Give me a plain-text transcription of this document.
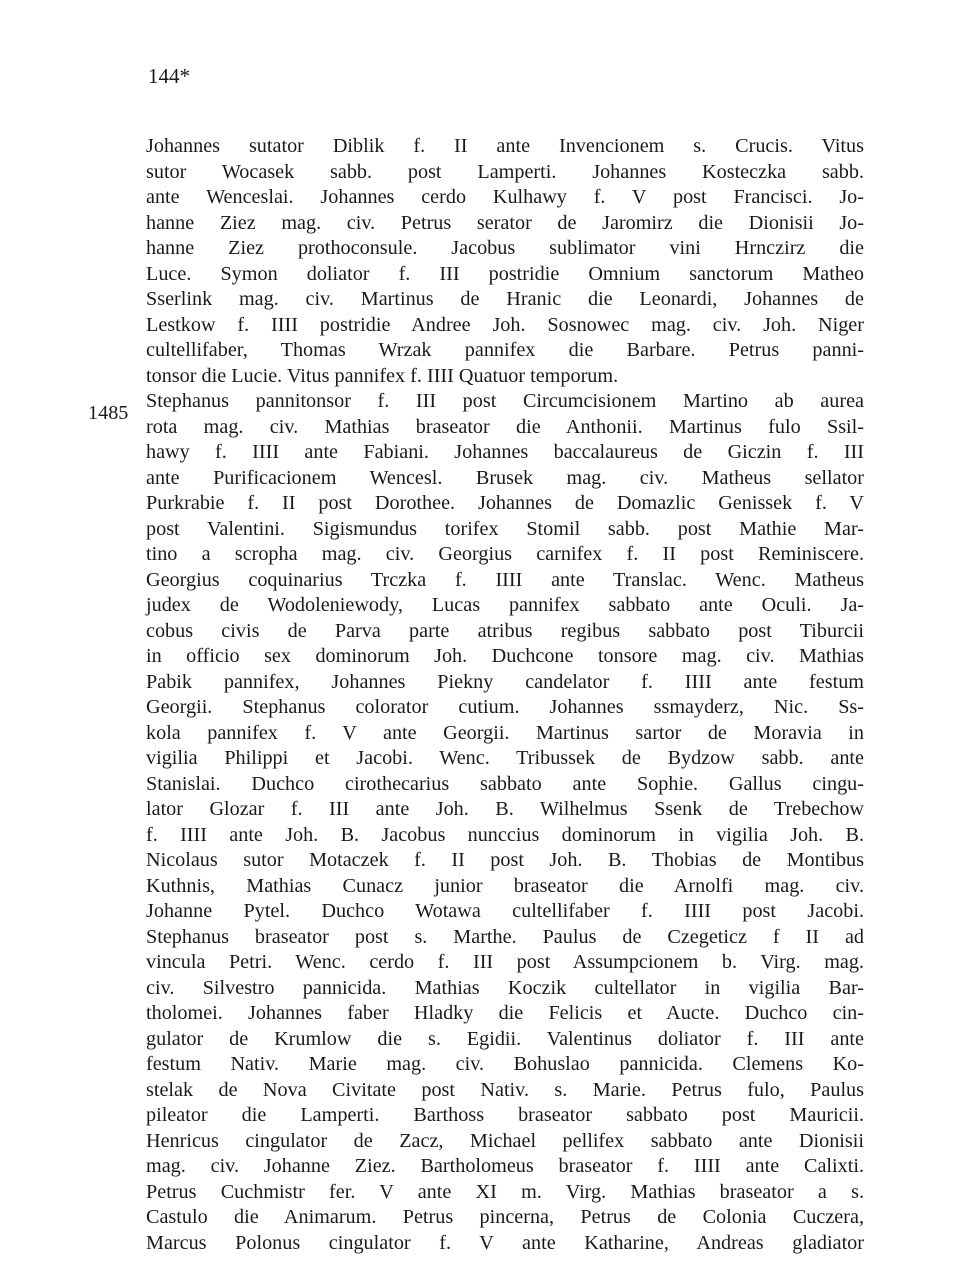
144*
1485
Johannes sutator Diblik f. II ante Invencionem s. Crucis. Vitus
sutor Wocasek sabb. post Lamperti. Johannes Kosteczka sabb.
ante Wenceslai. Johannes cerdo Kulhawy f. V post Francisci. Jo-
hanne Ziez mag. civ. Petrus serator de Jaromirz die Dionisii Jo-
hanne Ziez prothoconsule. Jacobus sublimator vini Hrnczirz die
Luce. Symon doliator f. III postridie Omnium sanctorum Matheo
Sserlink mag. civ. Martinus de Hranic die Leonardi, Johannes de
Lestkow f. IIII postridie Andree Joh. Sosnowec mag. civ. Joh. Niger
cultellifaber, Thomas Wrzak pannifex die Barbare. Petrus panni-
tonsor die Lucie. Vitus pannifex f. IIII Quatuor temporum.
Stephanus pannitonsor f. III post Circumcisionem Martino ab aurea
rota mag. civ. Mathias braseator die Anthonii. Martinus fulo Ssil-
hawy f. IIII ante Fabiani. Johannes baccalaureus de Giczin f. III
ante Purificacionem Wencesl. Brusek mag. civ. Matheus sellator
Purkrabie f. II post Dorothee. Johannes de Domazlic Genissek f. V
post Valentini. Sigismundus torifex Stomil sabb. post Mathie Mar-
tino a scropha mag. civ. Georgius carnifex f. II post Reminiscere.
Georgius coquinarius Trczka f. IIII ante Translac. Wenc. Matheus
judex de Wodoleniewody, Lucas pannifex sabbato ante Oculi. Ja-
cobus civis de Parva parte atribus regibus sabbato post Tiburcii
in officio sex dominorum Joh. Duchcone tonsore mag. civ. Mathias
Pabik pannifex, Johannes Piekny candelator f. IIII ante festum
Georgii. Stephanus colorator cutium. Johannes ssmayderz, Nic. Ss-
kola pannifex f. V ante Georgii. Martinus sartor de Moravia in
vigilia Philippi et Jacobi. Wenc. Tribussek de Bydzow sabb. ante
Stanislai. Duchco cirothecarius sabbato ante Sophie. Gallus cingu-
lator Glozar f. III ante Joh. B. Wilhelmus Ssenk de Trebechow
f. IIII ante Joh. B. Jacobus nunccius dominorum in vigilia Joh. B.
Nicolaus sutor Motaczek f. II post Joh. B. Thobias de Montibus
Kuthnis, Mathias Cunacz junior braseator die Arnolfi mag. civ.
Johanne Pytel. Duchco Wotawa cultellifaber f. IIII post Jacobi.
Stephanus braseator post s. Marthe. Paulus de Czegeticz f II ad
vincula Petri. Wenc. cerdo f. III post Assumpcionem b. Virg. mag.
civ. Silvestro pannicida. Mathias Koczik cultellator in vigilia Bar-
tholomei. Johannes faber Hladky die Felicis et Aucte. Duchco cin-
gulator de Krumlow die s. Egidii. Valentinus doliator f. III ante
festum Nativ. Marie mag. civ. Bohuslao pannicida. Clemens Ko-
stelak de Nova Civitate post Nativ. s. Marie. Petrus fulo, Paulus
pileator die Lamperti. Barthoss braseator sabbato post Mauricii.
Henricus cingulator de Zacz, Michael pellifex sabbato ante Dionisii
mag. civ. Johanne Ziez. Bartholomeus braseator f. IIII ante Calixti.
Petrus Cuchmistr fer. V ante XI m. Virg. Mathias braseator a s.
Castulo die Animarum. Petrus pincerna, Petrus de Colonia Cuczera,
Marcus Polonus cingulator f. V ante Katharine, Andreas gladiator
